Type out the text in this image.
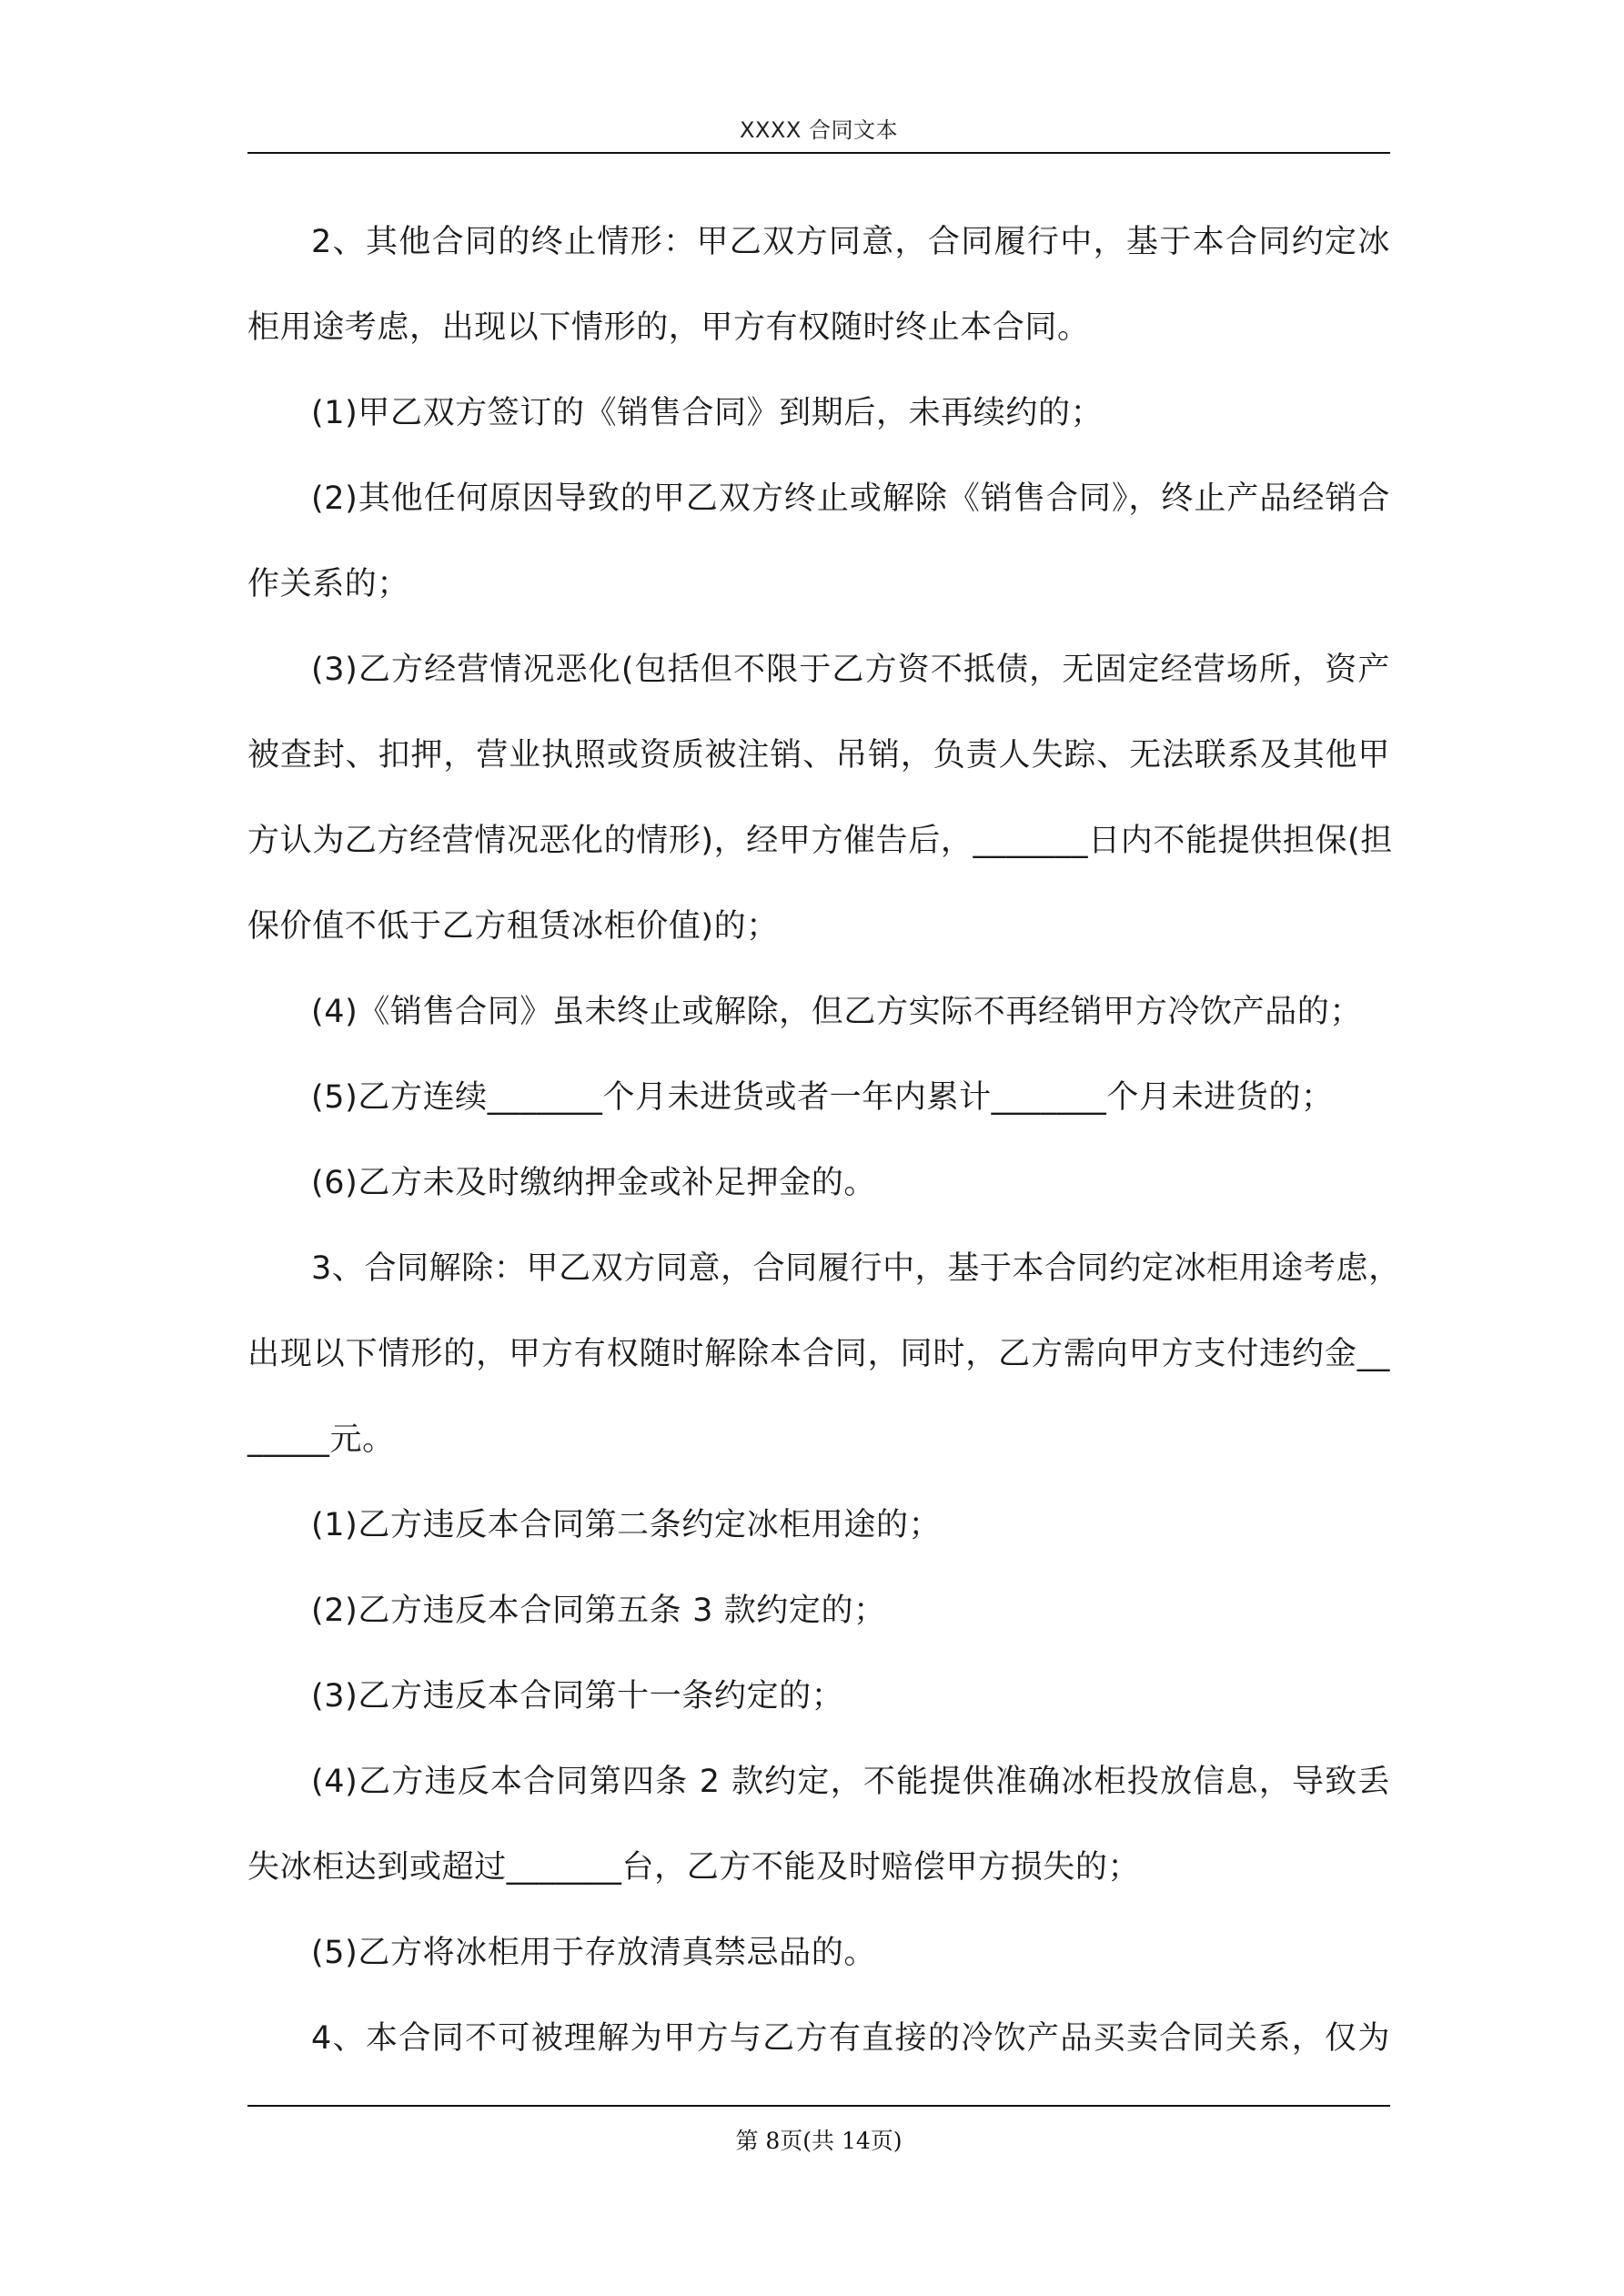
XXXX 合同文本
2、其他合同的终止情形：甲乙双方同意，合同履行中，基于本合同约定冰
柜用途考虑，出现以下情形的，甲方有权随时终止本合同。
(1)甲乙双方签订的《销售合同》到期后，未再续约的；
(2)其他任何原因导致的甲乙双方终止或解除《销售合同》，终止产品经销合
作关系的；
(3)乙方经营情况恶化(包括但不限于乙方资不抵债，无固定经营场所，资产
被查封、扣押，营业执照或资质被注销、吊销，负责人失踪、无法联系及其他甲
方认为乙方经营情况恶化的情形)，经甲方催告后，_______日内不能提供担保(担
保价值不低于乙方租赁冰柜价值)的；
(4)《销售合同》虽未终止或解除，但乙方实际不再经销甲方冷饮产品的；
(5)乙方连续_______个月未进货或者一年内累计_______个月未进货的；
(6)乙方未及时缴纳押金或补足押金的。
3、合同解除：甲乙双方同意，合同履行中，基于本合同约定冰柜用途考虑，
出现以下情形的，甲方有权随时解除本合同，同时，乙方需向甲方支付违约金__
_____元。
(1)乙方违反本合同第二条约定冰柜用途的；
(2)乙方违反本合同第五条 3 款约定的；
(3)乙方违反本合同第十一条约定的；
(4)乙方违反本合同第四条 2 款约定，不能提供准确冰柜投放信息，导致丢
失冰柜达到或超过_______台，乙方不能及时赔偿甲方损失的；
(5)乙方将冰柜用于存放清真禁忌品的。
4、本合同不可被理解为甲方与乙方有直接的冷饮产品买卖合同关系，仅为
第 8页(共 14页)
